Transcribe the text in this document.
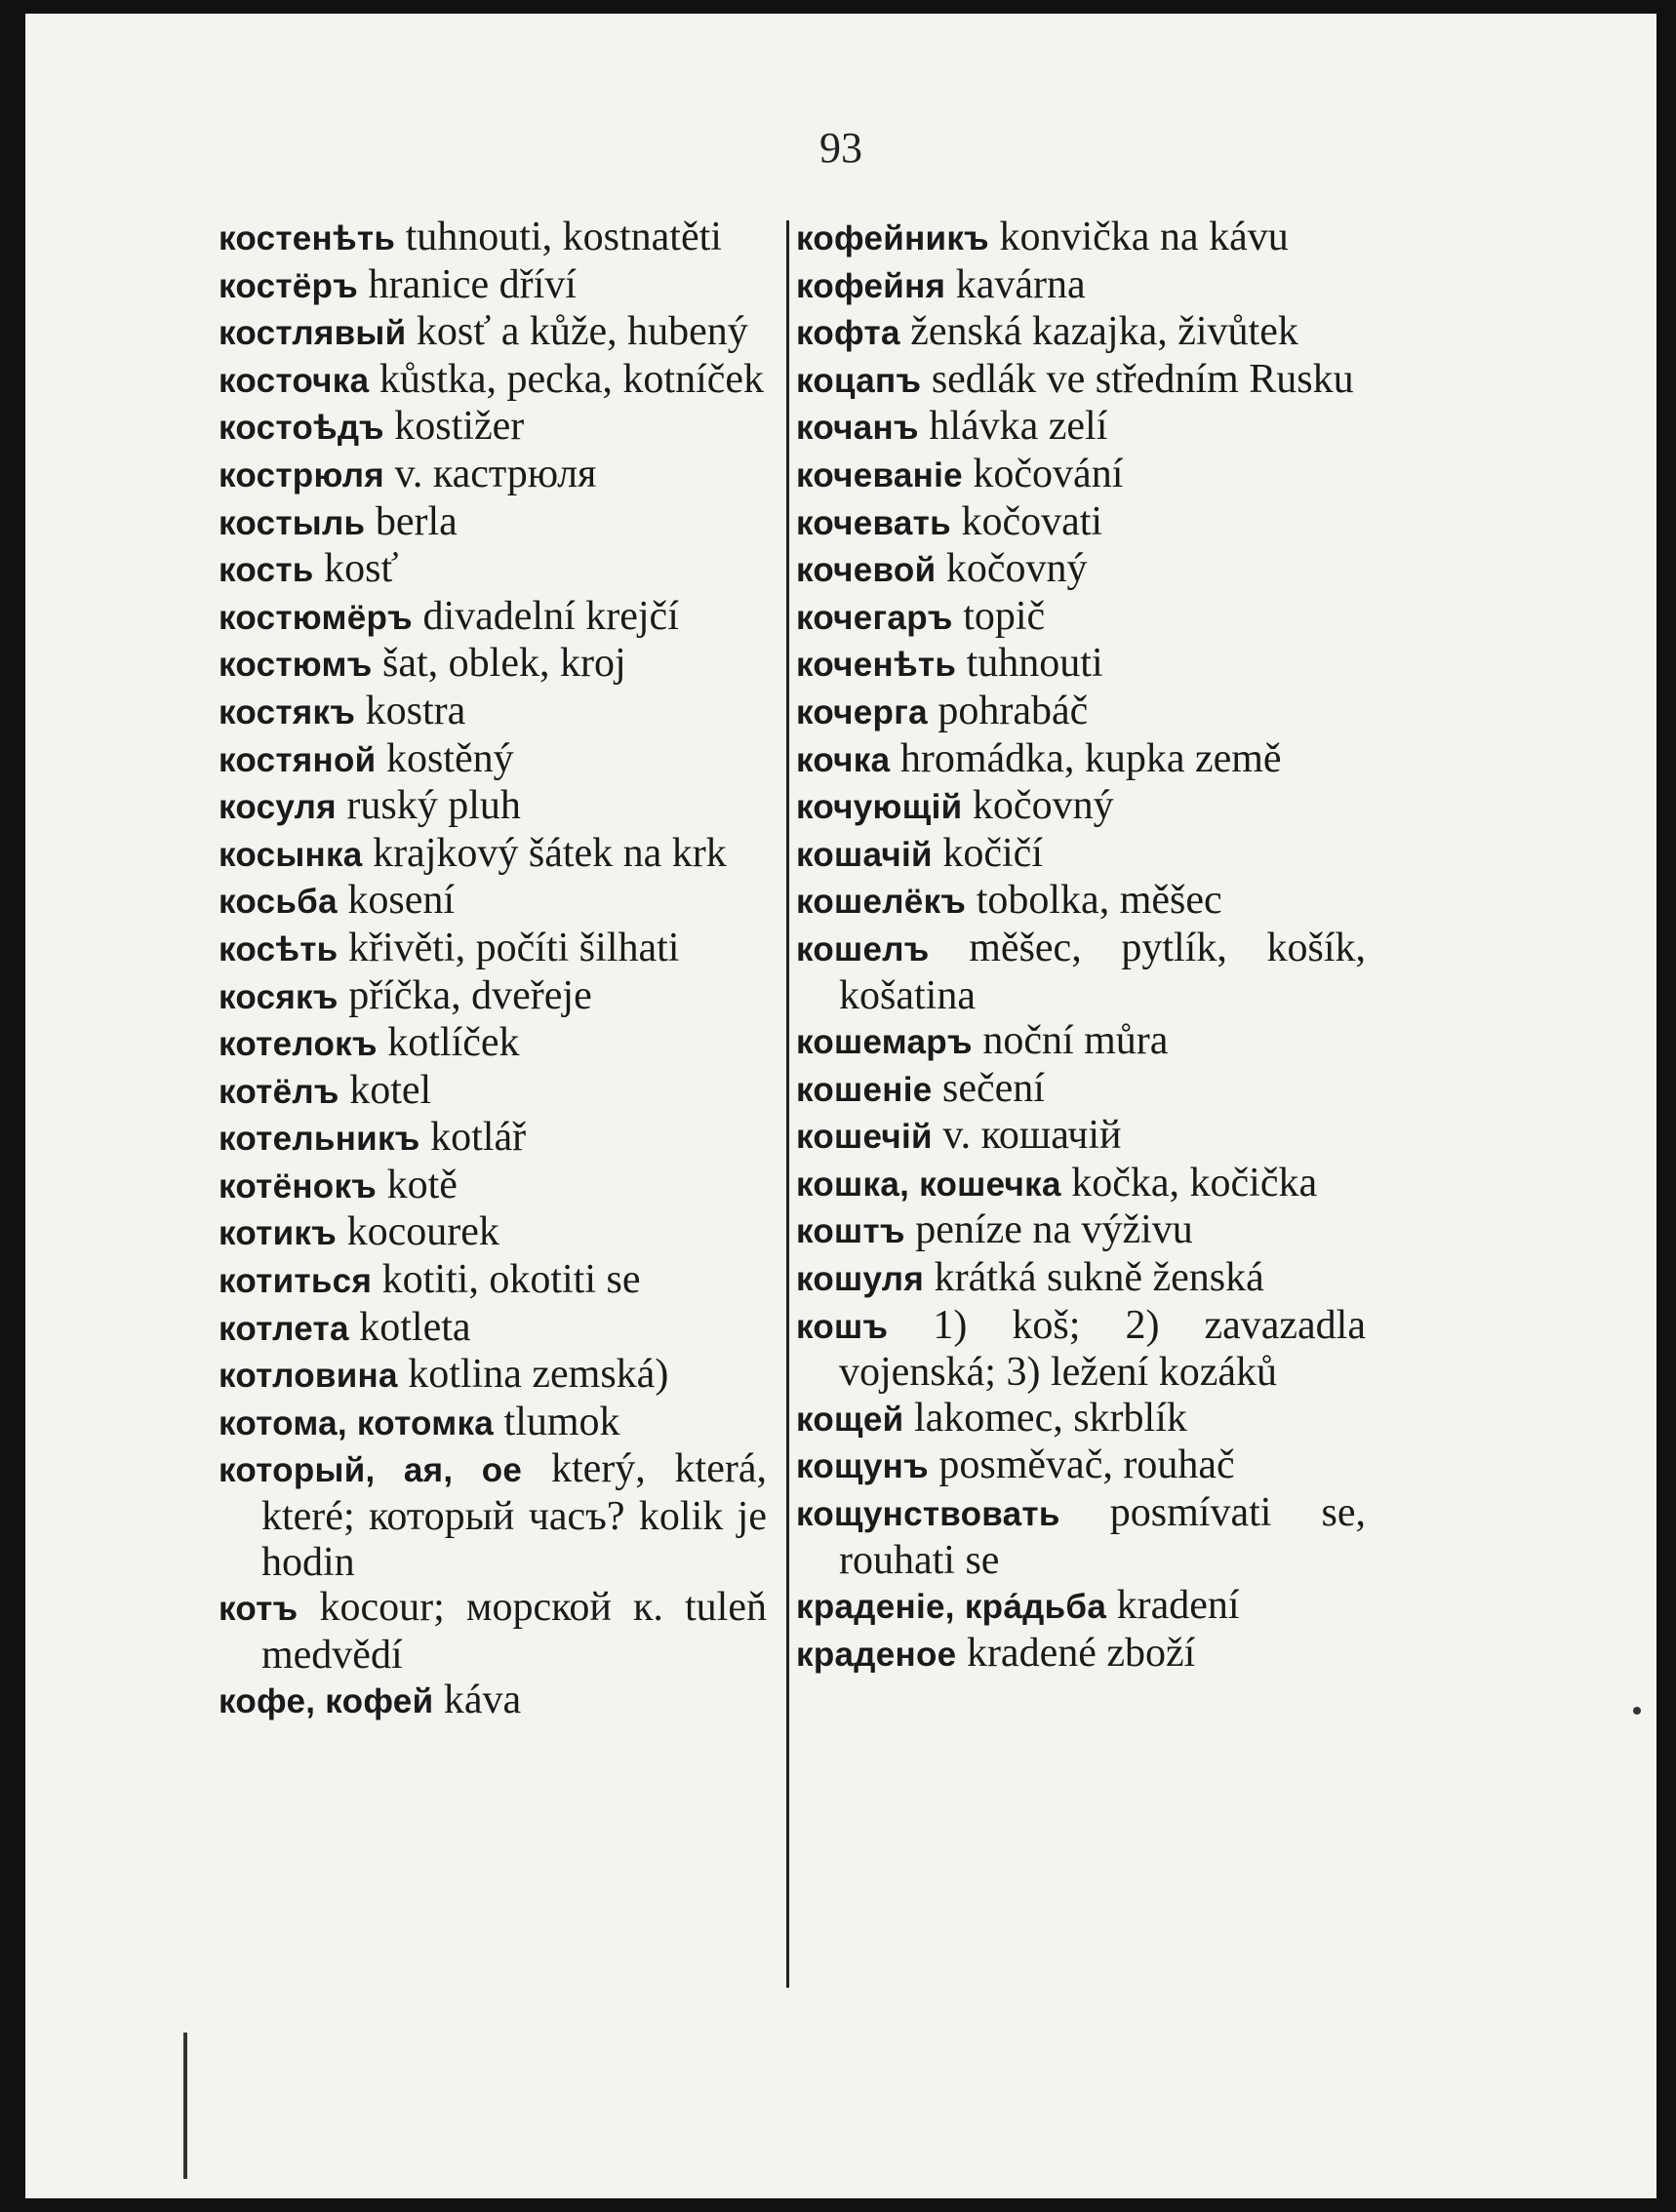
93

костенѣть tuhnouti, kostnatěti

костёръ hranice dříví

костлявый kosť a kůže, hubený

косточка kůstka, pecka, kotníček

костоѣдъ kostižer

кострюля v. кастрюля

костыль berla

кость kosť

костюмёръ divadelní krejčí

костюмъ šat, oblek, kroj

костякъ kostra

костяной kostěný

косуля ruský pluh

косынка krajkový šátek na krk

косьба kosení

косѣть křivěti, počíti šilhati

косякъ příčka, dveřeje

котелокъ kotlíček

котёлъ kotel

котельникъ kotlář

котёнокъ kotě

котикъ kocourek

котиться kotiti, okotiti se

котлета kotleta

котловина kotlina zemská)

котома, котомка tlumok

который, ая, ое který, která, které; который часъ? kolik je hodin

котъ kocour; морской к. tuleň medvědí

кофе, кофей káva

кофейникъ konvička na kávu

кофейня kavárna

кофта ženská kazajka, živůtek

коцапъ sedlák ve středním Rusku

кочанъ hlávka zelí

кочеваніе kočování

кочевать kočovati

кочевой kočovný

кочегаръ topič

коченѣть tuhnouti

кочерга pohrabáč

кочка hromádka, kupka země

кочующій kočovný

кошачій kočičí

кошелёкъ tobolka, měšec

кошелъ měšec, pytlík, košík, košatina

кошемаръ noční můra

кошеніе sečení

кошечій v. кошачій

кошка, кошечка kočka, kočička

коштъ peníze na výživu

кошуля krátká sukně ženská

кошъ 1) koš; 2) zavazadla vojenská; 3) ležení kozáků

кощей lakomec, skrblík

кощунъ posměvač, rouhač

кощунствовать posmívati se, rouhati se

краденіе, кра́дьба kradení

краденое kradené zboží
